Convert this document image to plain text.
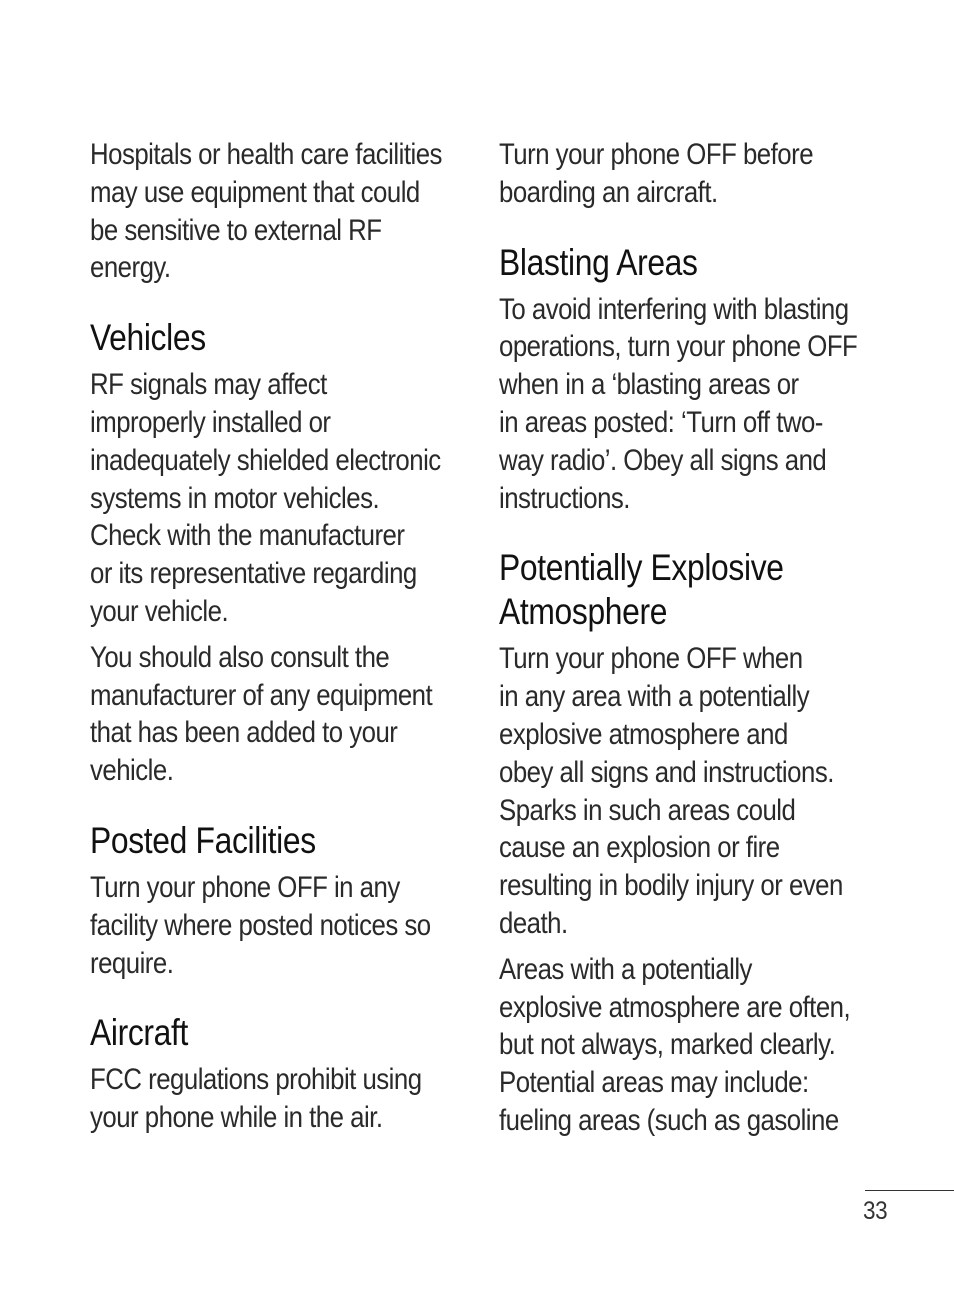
Hospitals or health care facilities
may use equipment that could
be sensitive to external RF
energy.

Vehicles

RF signals may affect
improperly installed or
inadequately shielded electronic
systems in motor vehicles.
Check with the manufacturer
or its representative regarding
your vehicle.

You should also consult the
manufacturer of any equipment
that has been added to your
vehicle.

Posted Facilities

Turn your phone OFF in any
facility where posted notices so
require.

Aircraft

FCC regulations prohibit using
your phone while in the air.

Turn your phone OFF before
boarding an aircraft.

Blasting Areas

To avoid interfering with blasting
operations, turn your phone OFF
when in a ‘blasting areas or
in areas posted: ‘Turn off two-
way radio’. Obey all signs and
instructions.

Potentially Explosive
Atmosphere

Turn your phone OFF when
in any area with a potentially
explosive atmosphere and
obey all signs and instructions.
Sparks in such areas could
cause an explosion or fire
resulting in bodily injury or even
death.

Areas with a potentially
explosive atmosphere are often,
but not always, marked clearly.
Potential areas may include:
fueling areas (such as gasoline

33
